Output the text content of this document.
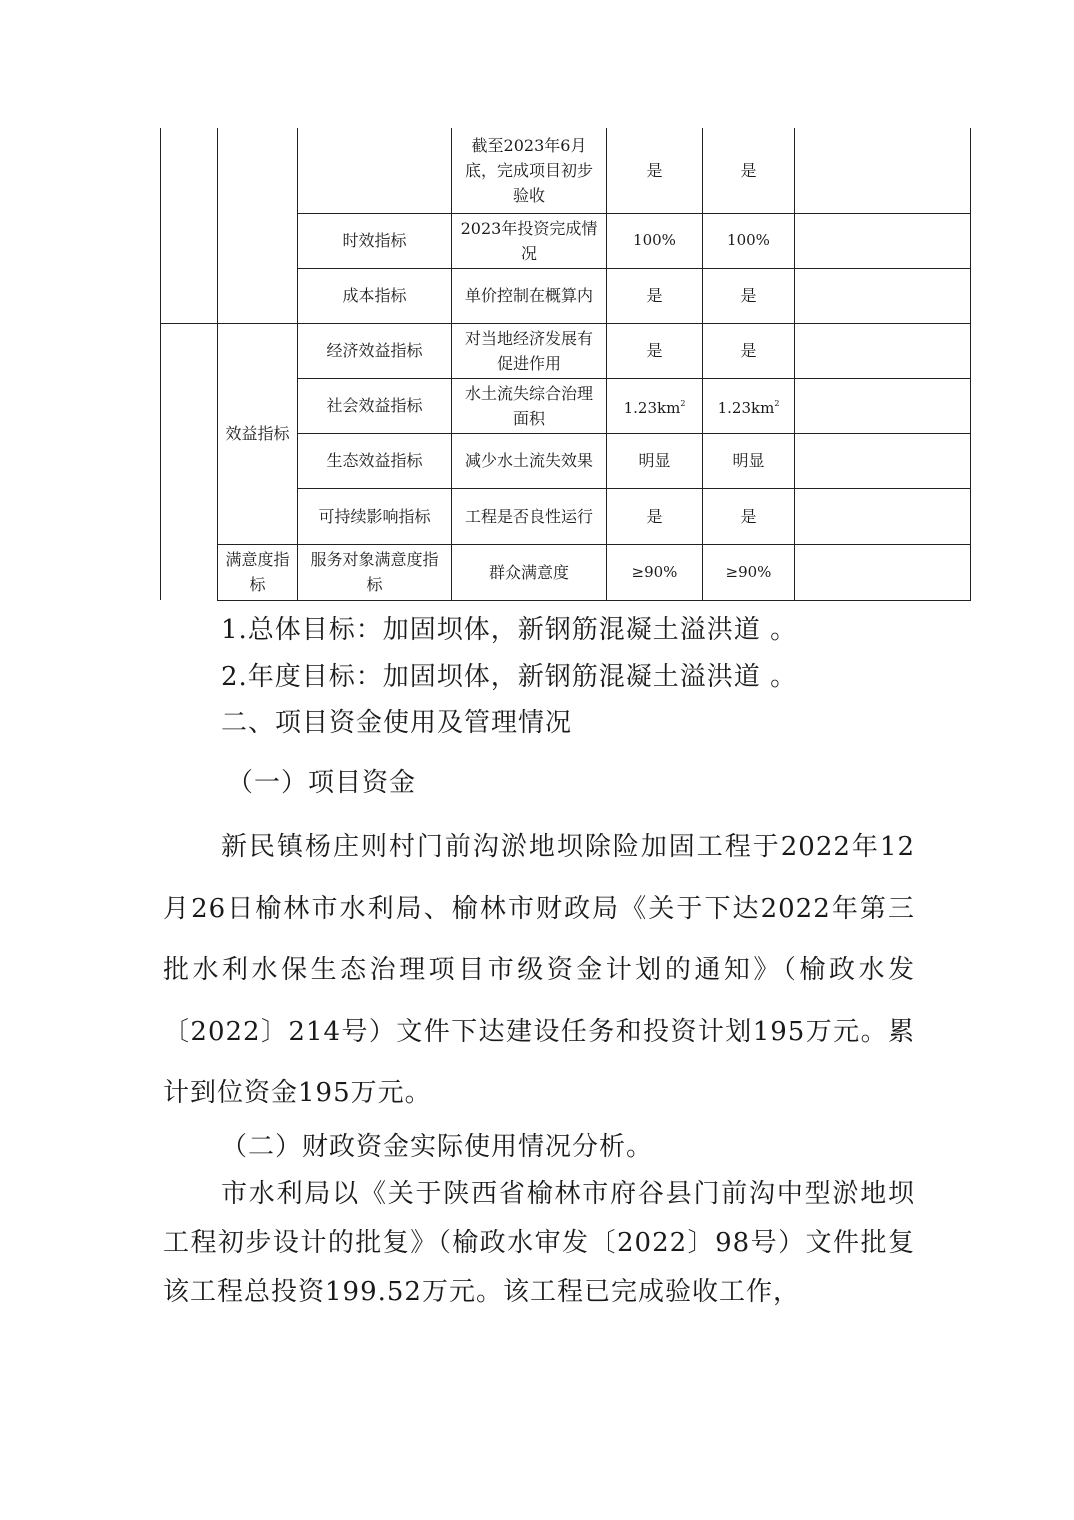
			截至2023年6月底，完成项目初步验收	是	是	
		时效指标	2023年投资完成情况	100%	100%	
		成本指标	单价控制在概算内	是	是	
	效益指标	经济效益指标	对当地经济发展有促进作用	是	是	
		社会效益指标	水土流失综合治理面积	$1.23km^2$	$1.23km^2$	
		生态效益指标	减少水土流失效果	明显	明显	
		可持续影响指标	工程是否良性运行	是	是	
	满意度指标	服务对象满意度指标	群众满意度	≥90%	≥90%	

1.总体目标：加固坝体，新钢筋混凝土溢洪道 。

2.年度目标：加固坝体，新钢筋混凝土溢洪道 。

二、项目资金使用及管理情况

（一）项目资金

新民镇杨庄则村门前沟淤地坝除险加固工程于2022年12月26日榆林市水利局、榆林市财政局《关于下达2022年第三批水利水保生态治理项目市级资金计划的通知》（榆政水发〔2022〕214号）文件下达建设任务和投资计划195万元。累计到位资金195万元。

（二）财政资金实际使用情况分析。

市水利局以《关于陕西省榆林市府谷县门前沟中型淤地坝工程初步设计的批复》（榆政水审发〔2022〕98号）文件批复该工程总投资199.52万元。该工程已完成验收工作，
